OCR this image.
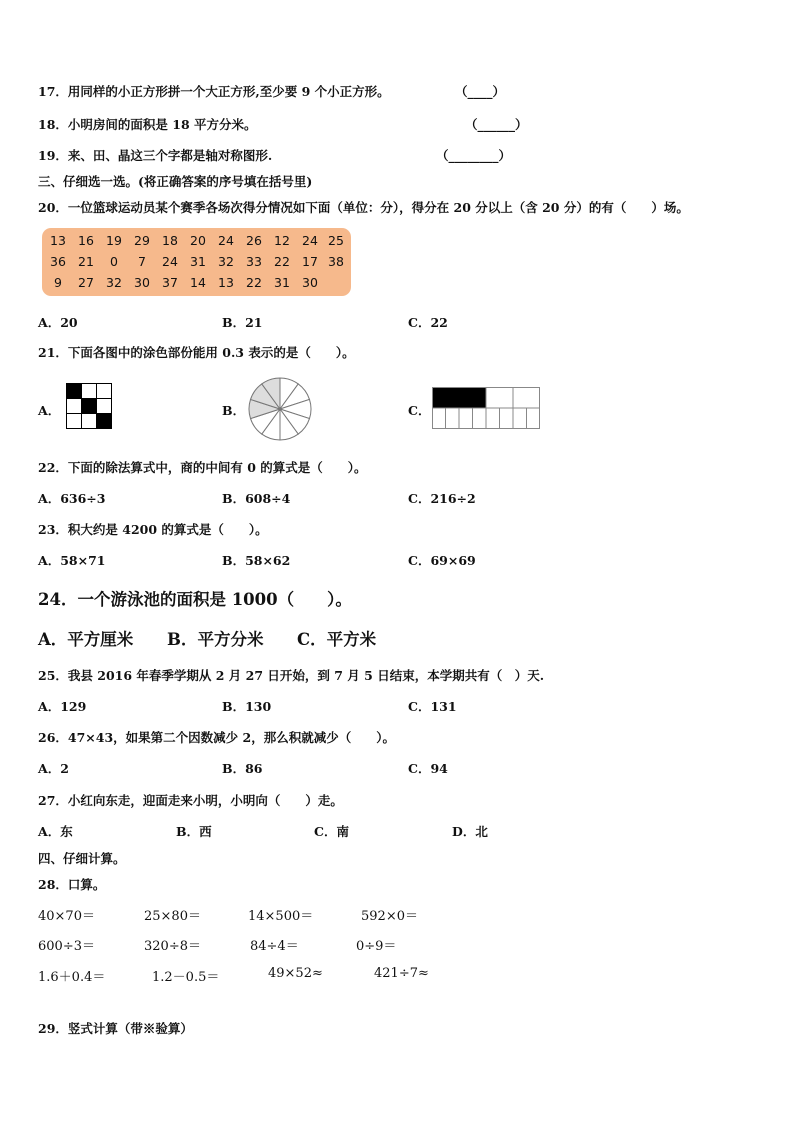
17．用同样的小正方形拼一个大正方形,至少要 9 个小正方形。	（____）
18．小明房间的面积是 18 平方分米。	（______）
19．来、田、晶这三个字都是轴对称图形.	（________）
三、仔细选一选。(将正确答案的序号填在括号里)
20．一位篮球运动员某个赛季各场次得分情况如下面（单位：分），得分在 20 分以上（含 20 分）的有（　　）场。
13 16 19 29 18 20 24 26 12 24 25
36 21	0	7	24 31 32 33 22 17 38
9	27 32 30 37 14 13 22 31 30
A．20	B．21	C．22
21．下面各图中的涂色部份能用 0.3 表示的是（　　）。
A．	B．	C．
22．下面的除法算式中，商的中间有 0 的算式是（　　）。
A．636÷3	B．608÷4	C．216÷2
23．积大约是 4200 的算式是（　　）。
A．58×71	B．58×62	C．69×69
24．一个游泳池的面积是 1000（　　）。
A．平方厘米 B．平方分米 C．平方米
25．我县 2016 年春季学期从 2 月 27 日开始，到 7 月 5 日结束，本学期共有（　）天.
A．129	B．130	C．131
26．47×43，如果第二个因数减少 2，那么积就减少（　　）。
A．2	B．86	C．94
27．小红向东走，迎面走来小明，小明向（　　）走。
A．东	B．西	C．南	D．北
四、仔细计算。
28．口算。
40×70＝	25×80＝	14×500＝	592×0＝
600÷3＝	320÷8＝	84÷4＝	0÷9＝
1.6＋0.4＝	1.2－0.5＝	49×52≈	421÷7≈
29．竖式计算（带※验算）
